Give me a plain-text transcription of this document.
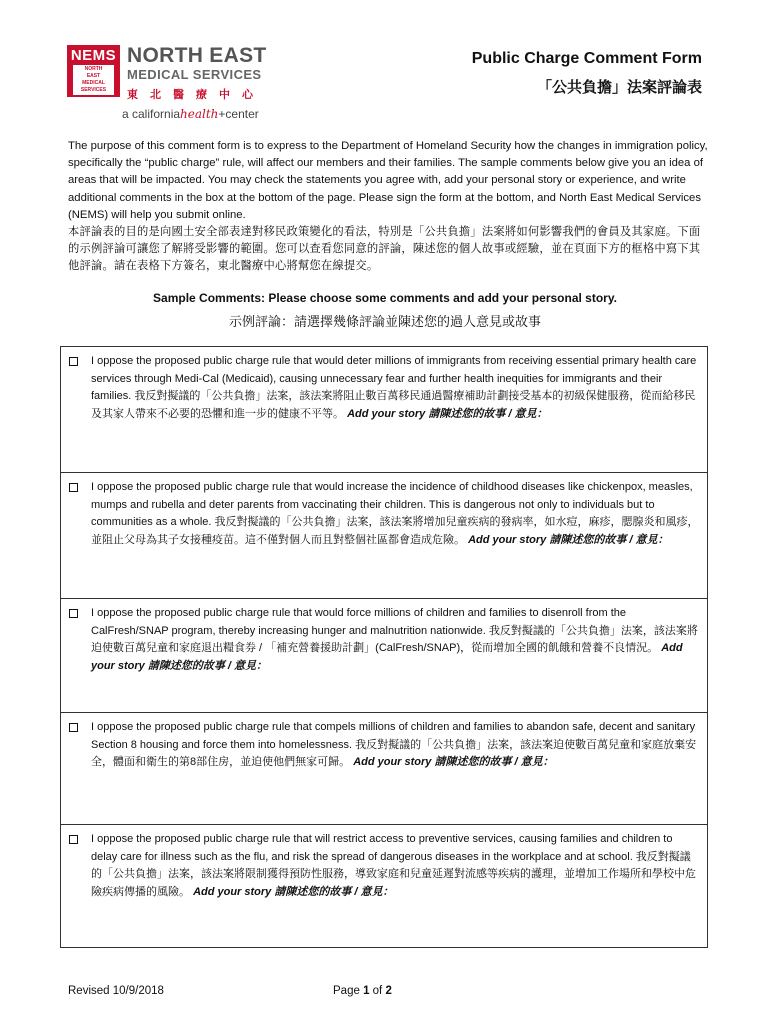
NEMS
NORTH
EAST
MEDICAL
SERVICES
NORTH EAST
MEDICAL SERVICES
東北醫療中心
a californiahealth+center
Public Charge Comment Form
「公共負擔」法案評論表
The purpose of this comment form is to express to the Department of Homeland Security how the changes in immigration policy, specifically the “public charge” rule, will affect our members and their families. The sample comments below give you an idea of areas that will be impacted. You may check the statements you agree with, add your personal story or experience, and write additional comments in the box at the bottom of the page. Please sign the form at the bottom, and North East Medical Services (NEMS) will help you submit online.
本評論表的目的是向國土安全部表達對移民政策變化的看法，特別是「公共負擔」法案將如何影響我們的會員及其家庭。下面的示例評論可讓您了解將受影響的範圍。您可以查看您同意的評論，陳述您的個人故事或經驗，並在頁面下方的框格中寫下其他評論。請在表格下方簽名，東北醫療中心將幫您在線提交。
Sample Comments: Please choose some comments and add your personal story.
示例評論：請選擇幾條評論並陳述您的過人意見或故事
I oppose the proposed public charge rule that would deter millions of immigrants from receiving essential primary health care services through Medi-Cal (Medicaid), causing unnecessary fear and further health inequities for immigrants and their families. 我反對擬議的「公共負擔」法案，該法案將阻止數百萬移民通過醫療補助計劃接受基本的初級保健服務，從而給移民及其家人帶來不必要的恐懼和進一步的健康不平等。 Add your story 請陳述您的故事 / 意見：
I oppose the proposed public charge rule that would increase the incidence of childhood diseases like chickenpox, measles, mumps and rubella and deter parents from vaccinating their children. This is dangerous not only to individuals but to communities as a whole. 我反對擬議的「公共負擔」法案，該法案將增加兒童疾病的發病率，如水痘，麻疹，腮腺炎和風疹，並阻止父母為其子女接種疫苗。這不僅對個人而且對整個社區都會造成危險。 Add your story 請陳述您的故事 / 意見：
I oppose the proposed public charge rule that would force millions of children and families to disenroll from the CalFresh/SNAP program, thereby increasing hunger and malnutrition nationwide. 我反對擬議的「公共負擔」法案，該法案將迫使數百萬兒童和家庭退出糧食券 / 「補充營養援助計劃」(CalFresh/SNAP)，從而增加全國的飢餓和營養不良情況。 Add your story 請陳述您的故事 / 意見：
I oppose the proposed public charge rule that compels millions of children and families to abandon safe, decent and sanitary Section 8 housing and force them into homelessness. 我反對擬議的「公共負擔」法案，該法案迫使數百萬兒童和家庭放棄安全，體面和衛生的第8部住房，並迫使他們無家可歸。 Add your story 請陳述您的故事 / 意見：
I oppose the proposed public charge rule that will restrict access to preventive services, causing families and children to delay care for illness such as the flu, and risk the spread of dangerous diseases in the workplace and at school. 我反對擬議的「公共負擔」法案，該法案將限制獲得預防性服務，導致家庭和兒童延遲對流感等疾病的護理，並增加工作場所和學校中危險疾病傳播的風險。 Add your story 請陳述您的故事 / 意見：
Revised 10/9/2018	Page 1 of 2
